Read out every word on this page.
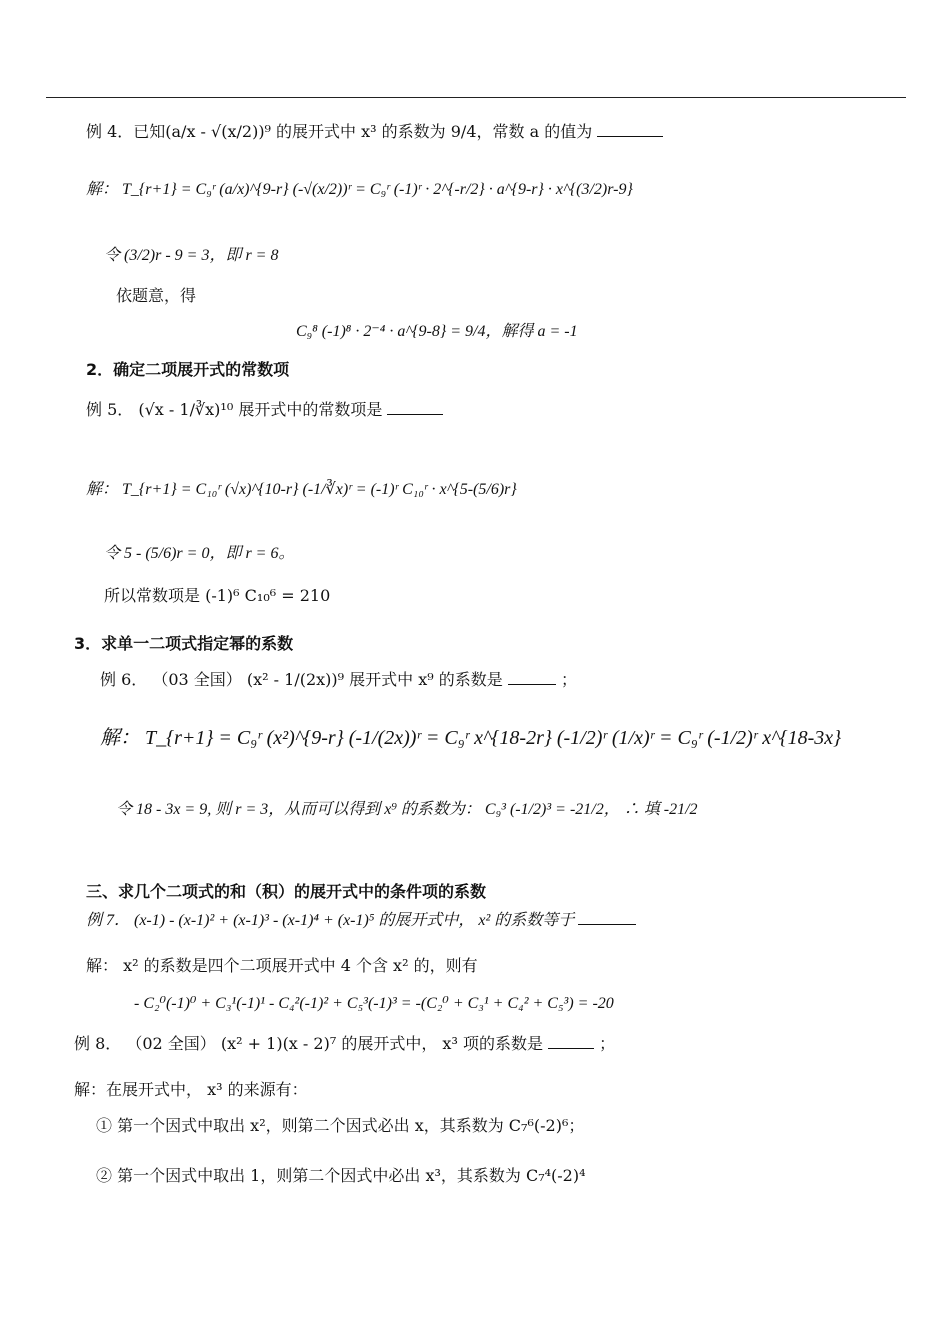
例 4．已知(a/x - √(x/2))⁹ 的展开式中 x³ 的系数为 9/4，常数 a 的值为
解： T_{r+1} = C₉ʳ (a/x)^{9-r} (-√(x/2))ʳ = C₉ʳ (-1)ʳ · 2^{-r/2} · a^{9-r} · x^{(3/2)r-9}
令 (3/2)r - 9 = 3，即 r = 8
依题意，得
C₉⁸ (-1)⁸ · 2⁻⁴ · a^{9-8} = 9/4，解得 a = -1
2．确定二项展开式的常数项
例 5． (√x - 1/∛x)¹⁰ 展开式中的常数项是
解： T_{r+1} = C₁₀ʳ (√x)^{10-r} (-1/∛x)ʳ = (-1)ʳ C₁₀ʳ · x^{5-(5/6)r}
令 5 - (5/6)r = 0，即 r = 6。
所以常数项是 (-1)⁶ C₁₀⁶ = 210
3．求单一二项式指定幂的系数
例 6． （03 全国） (x² - 1/(2x))⁹ 展开式中 x⁹ 的系数是	；
解： T_{r+1} = C₉ʳ (x²)^{9-r} (-1/(2x))ʳ = C₉ʳ x^{18-2r} (-1/2)ʳ (1/x)ʳ = C₉ʳ (-1/2)ʳ x^{18-3x}
令 18 - 3x = 9, 则 r = 3，从而可以得到 x⁹ 的系数为： C₉³ (-1/2)³ = -21/2， ∴ 填 -21/2
三、求几个二项式的和（积）的展开式中的条件项的系数
例 7． (x-1) - (x-1)² + (x-1)³ - (x-1)⁴ + (x-1)⁵ 的展开式中， x² 的系数等于
解： x² 的系数是四个二项展开式中 4 个含 x² 的，则有
- C₂⁰(-1)⁰ + C₃¹(-1)¹ - C₄²(-1)² + C₅³(-1)³ = -(C₂⁰ + C₃¹ + C₄² + C₅³) = -20
例 8． （02 全国） (x² + 1)(x - 2)⁷ 的展开式中， x³ 项的系数是	；
解：在展开式中， x³ 的来源有：
① 第一个因式中取出 x²，则第二个因式必出 x，其系数为 C₇⁶(-2)⁶；
② 第一个因式中取出 1，则第二个因式中必出 x³，其系数为 C₇⁴(-2)⁴
